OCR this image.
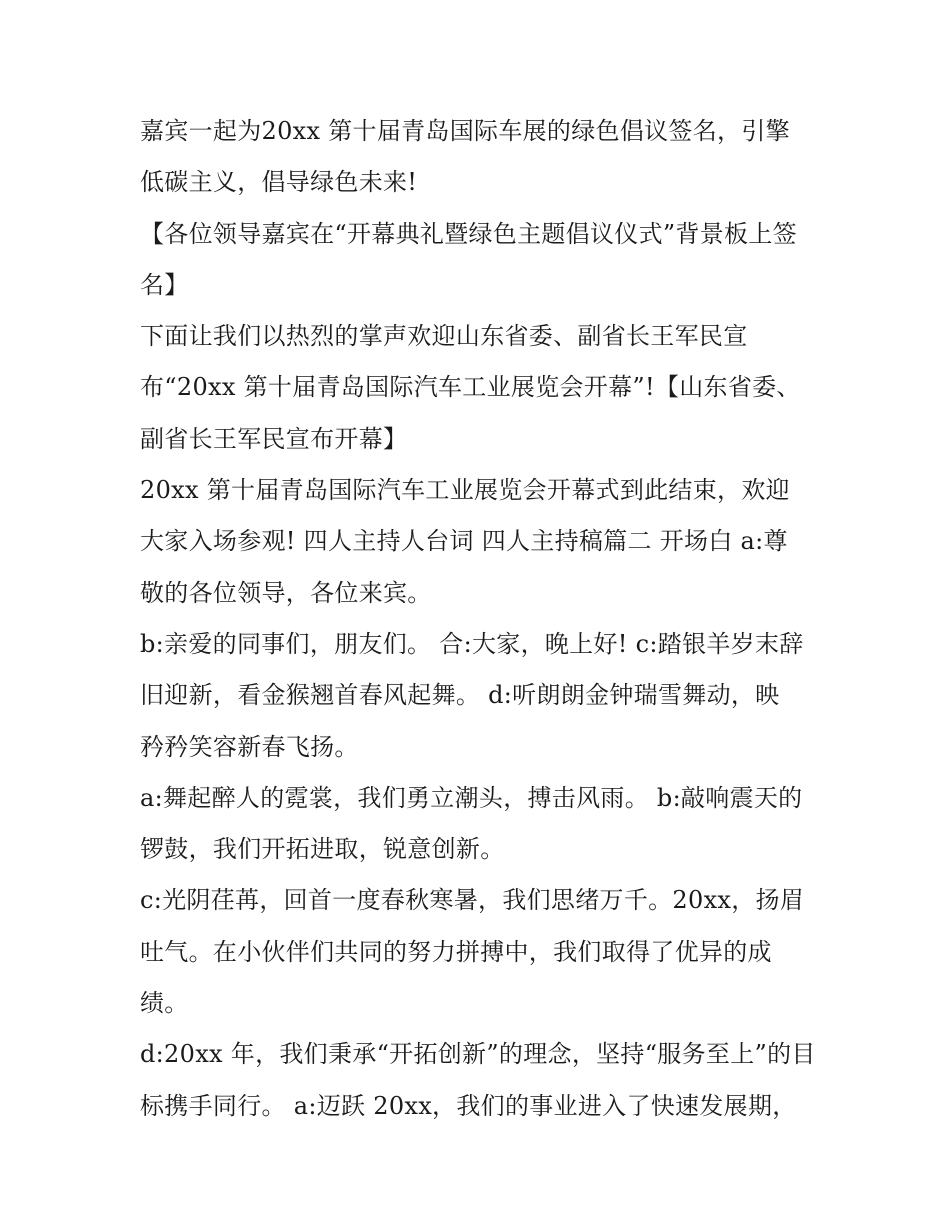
嘉宾一起为20xx 第十届青岛国际车展的绿色倡议签名，引擎
低碳主义，倡导绿色未来!
【各位领导嘉宾在“开幕典礼暨绿色主题倡议仪式”背景板上签
名】
下面让我们以热烈的掌声欢迎山东省委、副省长王军民宣
布“20xx 第十届青岛国际汽车工业展览会开幕”!【山东省委、
副省长王军民宣布开幕】
20xx 第十届青岛国际汽车工业展览会开幕式到此结束，欢迎
大家入场参观! 四人主持人台词 四人主持稿篇二 开场白 a:尊
敬的各位领导，各位来宾。
b:亲爱的同事们，朋友们。 合:大家，晚上好! c:踏银羊岁末辞
旧迎新，看金猴翘首春风起舞。 d:听朗朗金钟瑞雪舞动，映
矜矜笑容新春飞扬。
a:舞起醉人的霓裳，我们勇立潮头，搏击风雨。 b:敲响震天的
锣鼓，我们开拓进取，锐意创新。
c:光阴荏苒，回首一度春秋寒暑，我们思绪万千。20xx，扬眉
吐气。在小伙伴们共同的努力拼搏中，我们取得了优异的成
绩。
d:20xx 年，我们秉承“开拓创新”的理念，坚持“服务至上”的目
标携手同行。 a:迈跃 20xx，我们的事业进入了快速发展期，
